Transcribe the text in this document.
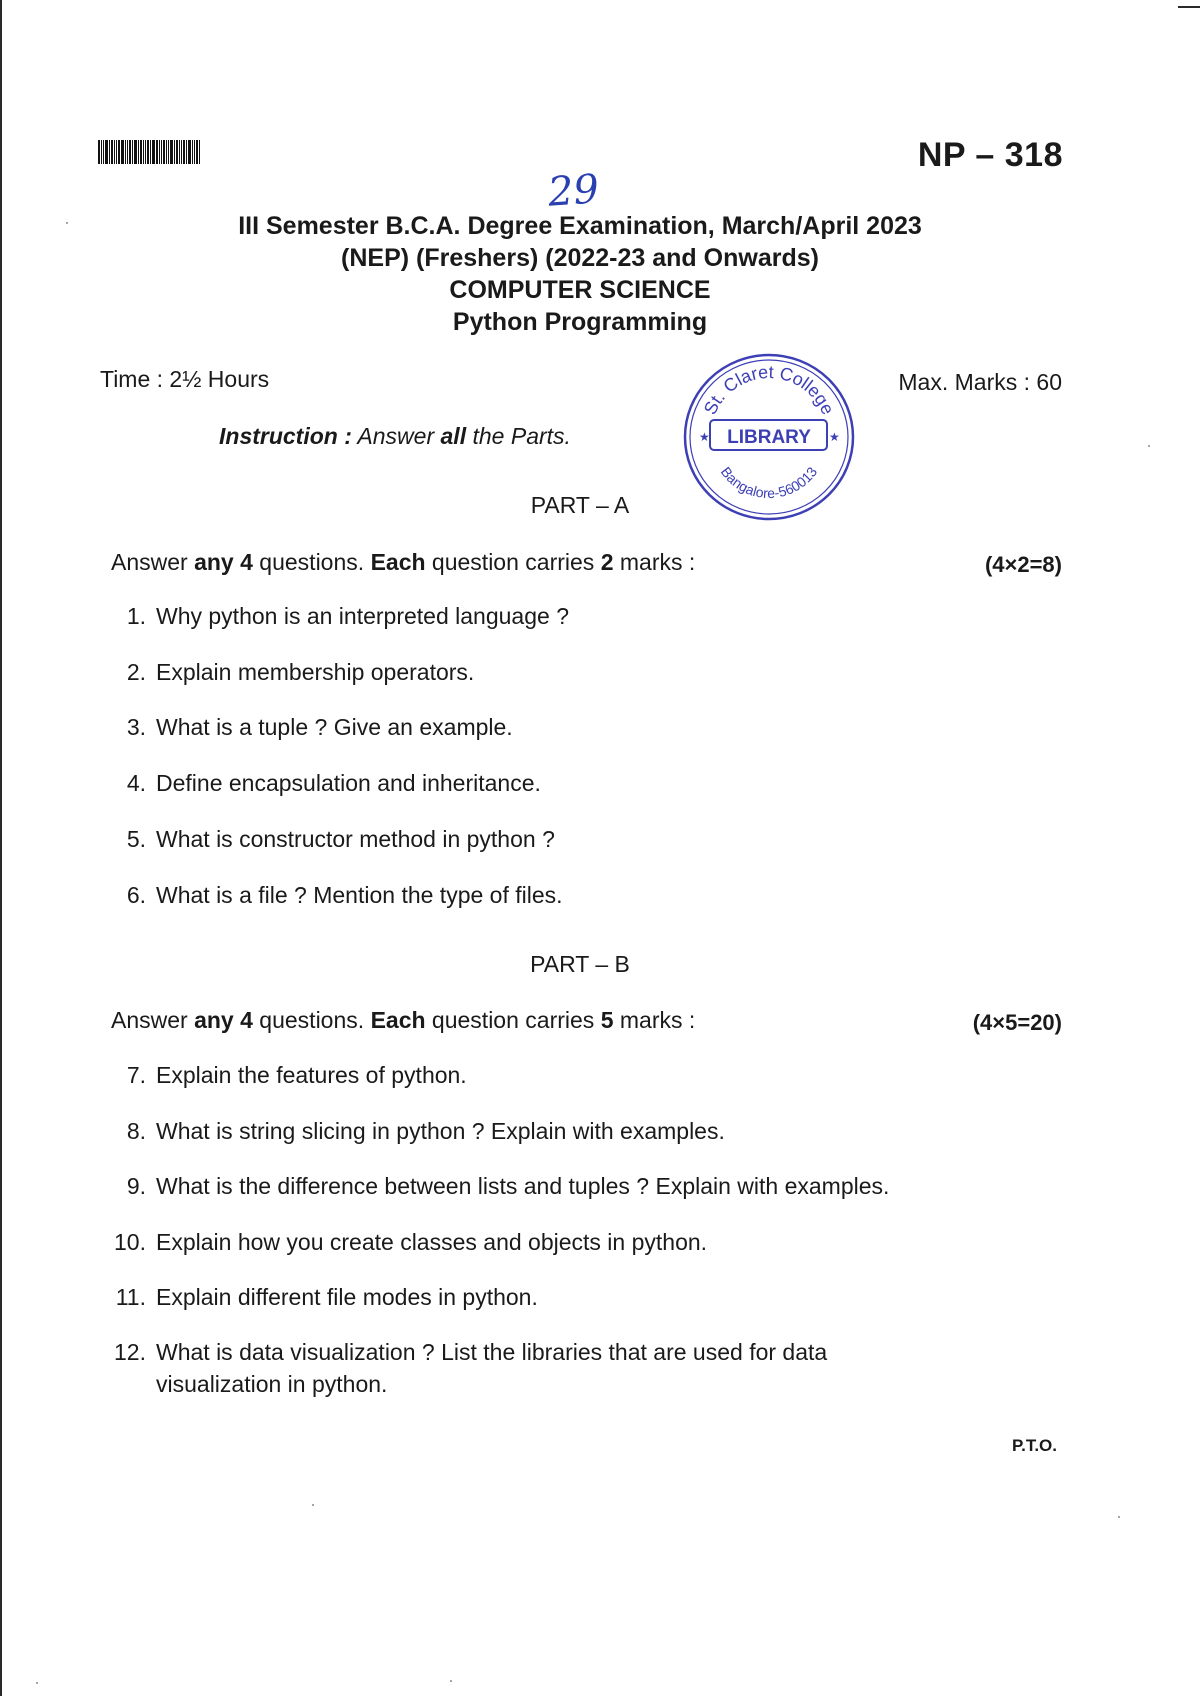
NP – 318
29
III Semester B.C.A. Degree Examination, March/April 2023
(NEP) (Freshers) (2022-23 and Onwards)
COMPUTER SCIENCE
Python Programming
Time : 2½ Hours	Max. Marks : 60
Instruction : Answer all the Parts.
St. Claret College
LIBRARY
★	★
Bangalore-560013
PART – A
Answer any 4 questions. Each question carries 2 marks :	(4×2=8)
1. Why python is an interpreted language ?
2. Explain membership operators.
3. What is a tuple ? Give an example.
4. Define encapsulation and inheritance.
5. What is constructor method in python ?
6. What is a file ? Mention the type of files.
PART – B
Answer any 4 questions. Each question carries 5 marks :	(4×5=20)
7. Explain the features of python.
8. What is string slicing in python ? Explain with examples.
9. What is the difference between lists and tuples ? Explain with examples.
10. Explain how you create classes and objects in python.
11. Explain different file modes in python.
12. What is data visualization ? List the libraries that are used for data visualization in python.
P.T.O.
